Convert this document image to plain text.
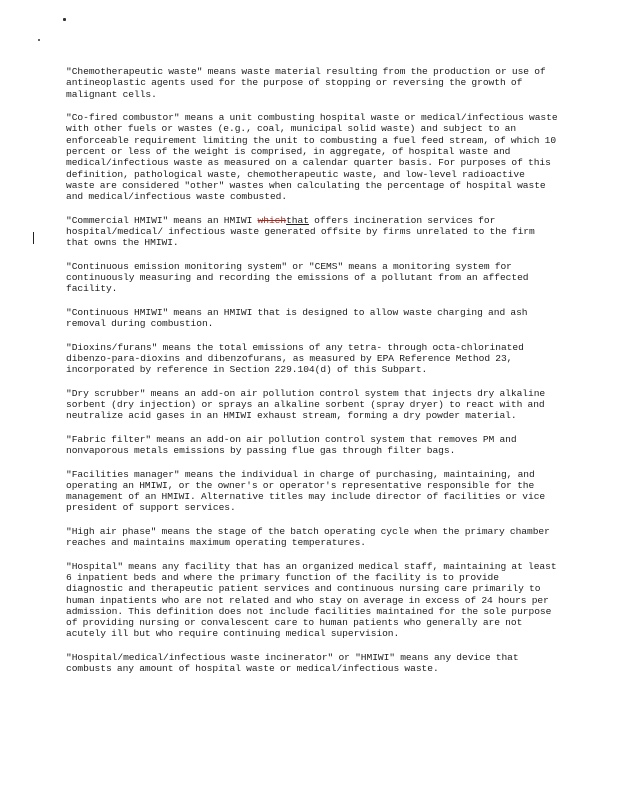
"Chemotherapeutic waste" means waste material resulting from the production or use of antineoplastic agents used for the purpose of stopping or reversing the growth of malignant cells.

"Co-fired combustor" means a unit combusting hospital waste or medical/infectious waste with other fuels or wastes (e.g., coal, municipal solid waste) and subject to an enforceable requirement limiting the unit to combusting a fuel feed stream, of which 10 percent or less of the weight is comprised, in aggregate, of hospital waste and medical/infectious waste as measured on a calendar quarter basis. For purposes of this definition, pathological waste, chemotherapeutic waste, and low-level radioactive waste are considered "other" wastes when calculating the percentage of hospital waste and medical/infectious waste combusted.

"Commercial HMIWI" means an HMIWI whichthat offers incineration services for hospital/medical/ infectious waste generated offsite by firms unrelated to the firm that owns the HMIWI.

"Continuous emission monitoring system" or "CEMS" means a monitoring system for continuously measuring and recording the emissions of a pollutant from an affected facility.

"Continuous HMIWI" means an HMIWI that is designed to allow waste charging and ash removal during combustion.

"Dioxins/furans" means the total emissions of any tetra- through octa-chlorinated dibenzo-para-dioxins and dibenzofurans, as measured by EPA Reference Method 23, incorporated by reference in Section 229.104(d) of this Subpart.

"Dry scrubber" means an add-on air pollution control system that injects dry alkaline sorbent (dry injection) or sprays an alkaline sorbent (spray dryer) to react with and neutralize acid gases in an HMIWI exhaust stream, forming a dry powder material.

"Fabric filter" means an add-on air pollution control system that removes PM and nonvaporous metals emissions by passing flue gas through filter bags.

"Facilities manager" means the individual in charge of purchasing, maintaining, and operating an HMIWI, or the owner's or operator's representative responsible for the management of an HMIWI. Alternative titles may include director of facilities or vice president of support services.

"High air phase" means the stage of the batch operating cycle when the primary chamber reaches and maintains maximum operating temperatures.

"Hospital" means any facility that has an organized medical staff, maintaining at least 6 inpatient beds and where the primary function of the facility is to provide diagnostic and therapeutic patient services and continuous nursing care primarily to human inpatients who are not related and who stay on average in excess of 24 hours per admission. This definition does not include facilities maintained for the sole purpose of providing nursing or convalescent care to human patients who generally are not acutely ill but who require continuing medical supervision.

"Hospital/medical/infectious waste incinerator" or "HMIWI" means any device that combusts any amount of hospital waste or medical/infectious waste.
